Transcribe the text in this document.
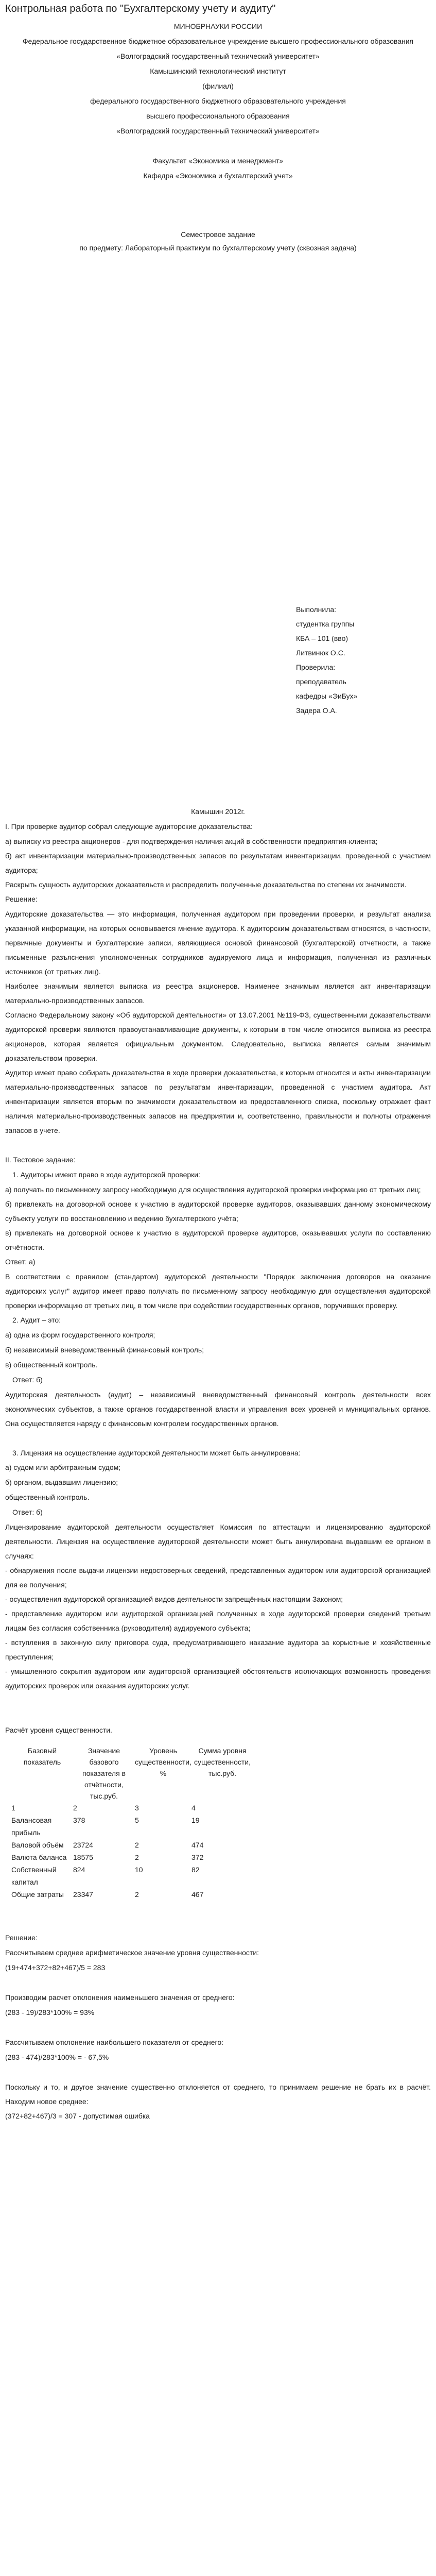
Контрольная работа по "Бухгалтерскому учету и аудиту"

МИНОБРНАУКИ РОССИИ

Федеральное государственное бюджетное образовательное учреждение высшего профессионального образования

«Волгоградский государственный технический университет»

Камышинский технологический институт

(филиал)

федерального государственного бюджетного образовательного учреждения

высшего профессионального образования

«Волгоградский государственный технический университет»

Факультет «Экономика и менеджмент»

Кафедра «Экономика и бухгалтерский учет»

Семестровое задание

по предмету: Лабораторный практикум по бухгалтерскому учету (сквозная задача)

Выполнила:
студентка группы
КБА – 101 (вво)
Литвинюк О.С.
Проверила:
преподаватель
кафедры «ЭиБух»
Задера О.А.

Камышин 2012г.

I. При проверке аудитор собрал следующие аудиторские доказательства:

а) выписку из реестра акционеров - для подтверждения наличия акций в собственности предприятия-клиента;

б) акт инвентаризации материально-производственных запасов по результатам инвентаризации, проведенной с участием аудитора;

Раскрыть сущность аудиторских доказательств и распределить полученные доказательства по степени их значимости.

Решение:

Аудиторские доказательства — это информация, полученная аудитором при проведении проверки, и результат анализа указанной информации, на которых основывается мнение аудитора. К аудиторским доказательствам относятся, в частности, первичные документы и бухгалтерские записи, являющиеся основой финансовой (бухгалтерской) отчетности, а также письменные разъяснения уполномоченных сотрудников аудируемого лица и информация, полученная из различных источников (от третьих лиц).

Наиболее значимым является выписка из реестра акционеров. Наименее значимым является акт инвентаризации материально-производственных запасов.

Согласно Федеральному закону «Об аудиторской деятельности» от 13.07.2001 №119-ФЗ, существенными доказательствами аудиторской проверки являются правоустанавливающие документы, к которым в том числе относится выписка из реестра акционеров, которая является официальным документом. Следовательно, выписка является самым значимым доказательством проверки.

Аудитор имеет право собирать доказательства в ходе проверки доказательства, к которым относится и акты инвентаризации материально-производственных запасов по результатам инвентаризации, проведенной с участием аудитора. Акт инвентаризации является вторым по значимости доказательством из предоставленного списка, поскольку отражает факт наличия материально-производственных запасов на предприятии и, соответственно, правильности и полноты отражения запасов в учете.

II. Тестовое задание:

1. Аудиторы имеют право в ходе аудиторской проверки:

а) получать по письменному запросу необходимую для осуществления аудиторской проверки информацию от третьих лиц;

б) привлекать на договорной основе к участию в аудиторской проверке аудиторов, оказывавших данному экономическому субъекту услуги по восстановлению и ведению бухгалтерского учёта;

в) привлекать на договорной основе к участию в аудиторской проверке аудиторов, оказывавших услуги по составлению отчётности.

Ответ: а)

В соответствии с правилом (стандартом) аудиторской деятельности "Порядок заключения договоров на оказание аудиторских услуг" аудитор имеет право получать по письменному запросу необходимую для осуществления аудиторской проверки информацию от третьих лиц, в том числе при содействии государственных органов, поручивших проверку.

2. Аудит – это:

а) одна из форм государственного контроля;

б) независимый вневедомственный финансовый контроль;

в) общественный контроль.

Ответ: б)

Аудиторская деятельность (аудит) – независимый вневедомственный финансовый контроль деятельности всех экономических субъектов, а также органов государственной власти и управления всех уровней и муниципальных органов. Она осуществляется наряду с финансовым контролем государственных органов.

3. Лицензия на осуществление аудиторской деятельности может быть аннулирована:

а) судом или арбитражным судом;

б) органом, выдавшим лицензию;

общественный контроль.

Ответ: б)

Лицензирование аудиторской деятельности осуществляет Комиссия по аттестации и лицензированию аудиторской деятельности. Лицензия на осуществление аудиторской деятельности может быть аннулирована выдавшим ее органом в случаях:

- обнаружения после выдачи лицензии недостоверных сведений, представленных аудитором или аудиторской организацией для ее получения;

- осуществления аудиторской организацией видов деятельности запрещённых настоящим Законом;

- представление аудитором или аудиторской организацией полученных в ходе аудиторской проверки сведений третьим лицам без согласия собственника (руководителя) аудируемого субъекта;

- вступления в законную силу приговора суда, предусматривающего наказание аудитора за корыстные и хозяйственные преступления;

- умышленного сокрытия аудитором или аудиторской организацией обстоятельств исключающих возможность проведения аудиторских проверок или оказания аудиторских услуг.

Расчёт уровня существенности.

Базовый показатель	Значение базового показателя в отчётности, тыс.руб.	Уровень существенности, %	Сумма уровня существенности, тыс.руб.
1	2	3	4
Балансовая прибыль	378	5	19
Валовой объём	23724	2	474
Валюта баланса	18575	2	372
Собственный капитал	824	10	82
Общие затраты	23347	2	467

Решение:

Рассчитываем среднее арифметическое значение уровня существенности:

(19+474+372+82+467)/5 = 283

Производим расчет отклонения наименьшего значения от среднего:

(283 - 19)/283*100% = 93%

Рассчитываем отклонение наибольшего показателя от среднего:

(283 - 474)/283*100% = - 67,5%

Поскольку и то, и другое значение существенно отклоняется от среднего, то принимаем решение не брать их в расчёт. Находим новое среднее:

(372+82+467)/3 = 307 - допустимая ошибка
